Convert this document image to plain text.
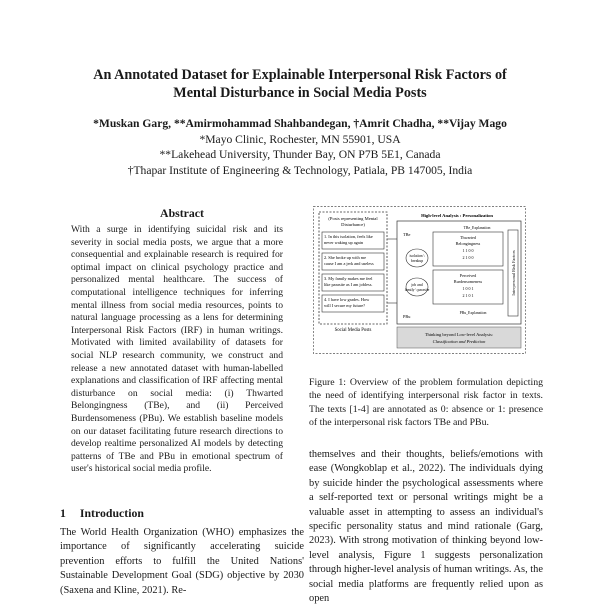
An Annotated Dataset for Explainable Interpersonal Risk Factors of
Mental Disturbance in Social Media Posts
*Muskan Garg, **Amirmohammad Shahbandegan, †Amrit Chadha, **Vijay Mago
*Mayo Clinic, Rochester, MN 55901, USA
**Lakehead University, Thunder Bay, ON P7B 5E1, Canada
†Thapar Institute of Engineering & Technology, Patiala, PB 147005, India
Abstract
With a surge in identifying suicidal risk and its severity in social media posts, we argue that a more consequential and explainable research is required for optimal impact on clinical psychology practice and personalized mental healthcare. The success of computational intelligence techniques for inferring mental illness from social media resources, points to natural language processing as a lens for determining Interpersonal Risk Factors (IRF) in human writings. Motivated with limited availability of datasets for social NLP research community, we construct and release a new annotated dataset with human-labelled explanations and classification of IRF affecting mental disturbance on social media: (i) Thwarted Belongingness (TBe), and (ii) Perceived Burdensomeness (PBu). We establish baseline models on our dataset facilitating future research directions to develop realtime personalized AI models by detecting patterns of TBe and PBu in emotional spectrum of user's historical social media profile.
1 Introduction
The World Health Organization (WHO) emphasizes the importance of significantly accelerating suicide prevention efforts to fulfill the United Nations' Sustainable Development Goal (SDG) objective by 2030 (Saxena and Kline, 2021). Re-
(Posts representing Mental
Disturbance)
1. In this isolation, feels like
never waking up again
2. She broke up with me
cause I am a jerk and useless
3. My family makes me feel
like parasite as I am jobless.
4. I have low grades. How
will I secure my future?
Social Media Posts
High-level Analysis : Personalization
TBe
PBu
isolation \
breakup
job and
family \ parasite
TBe_Explanation
Thwarted
Belongingness
1 1 0 0
2 1 0 0
Perceived
Burdensomeness
1 0 0 1
2 1 0 1
PBu_Explanation
Interpersonal Risk Factors
Thinking beyond Low-level Analysis:
Classification and Prediction
Figure 1: Overview of the problem formulation depicting the need of identifying interpersonal risk factor in texts. The texts [1-4] are annotated as 0: absence or 1: presence of the interpersonal risk factors TBe and PBu.
themselves and their thoughts, beliefs/emotions with ease (Wongkoblap et al., 2022). The individuals dying by suicide hinder the psychological assessments where a self-reported text or personal writings might be a valuable asset in attempting to assess an individual's specific personality status and mind rationale (Garg, 2023). With strong motivation of thinking beyond low-level analysis, Figure 1 suggests personalization through higher-level analysis of human writings. As, the social media platforms are frequently relied upon as open
